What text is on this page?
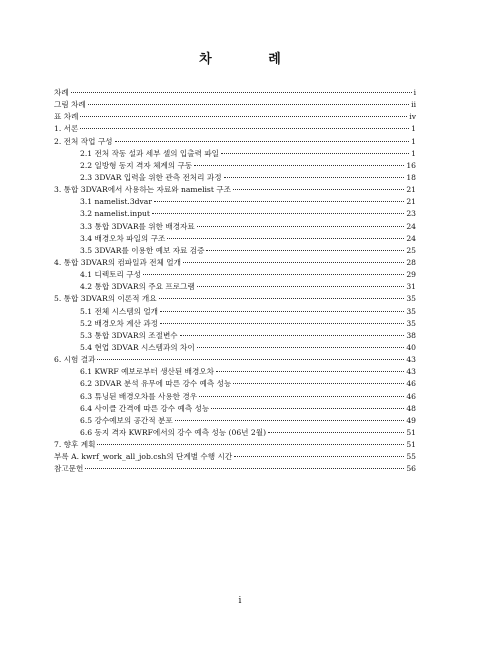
차 례
차례	i
그림 차례	ii
표 차례	iv
1. 서론	1
2. 전처 작업 구성	1
2.1 전처 작동 설과 세부 셀의 입출력 파일	1
2.2 일방형 동지 격자 체계의 구동	16
2.3 3DVAR 입력을 위한 관측 전처리 과정	18
3. 통합 3DVAR에서 사용하는 자료와 namelist 구조	21
3.1 namelist.3dvar	21
3.2 namelist.input	23
3.3 통합 3DVAR를 위한 배경자료	24
3.4 배경오차 파일의 구조	24
3.5 3DVAR를 이용한 예보 자료 검증	25
4. 통합 3DVAR의 컴파일과 전체 얼개	28
4.1 디렉토리 구성	29
4.2 통합 3DVAR의 주요 프로그램	31
5. 통합 3DVAR의 이론적 개요	35
5.1 전체 시스템의 얼개	35
5.2 배경오차 계산 과정	35
5.3 통합 3DVAR의 조절변수	38
5.4 현업 3DVAR 시스템과의 차이	40
6. 시험 결과	43
6.1 KWRF 예보로부터 생산된 배경오차	43
6.2 3DVAR 분석 유무에 따른 강수 예측 성능	46
6.3 튜닝된 배경오차를 사용한 경우	46
6.4 사이클 간격에 따른 강수 예측 성능	48
6.5 강수예보의 공간적 분포	49
6.6 동지 격자 KWRF에서의 강수 예측 성능 (06년 2월)	51
7. 향후 계획	51
부록 A. kwrf_work_all_job.csh의 단계별 수행 시간	55
참고문헌	56
i
